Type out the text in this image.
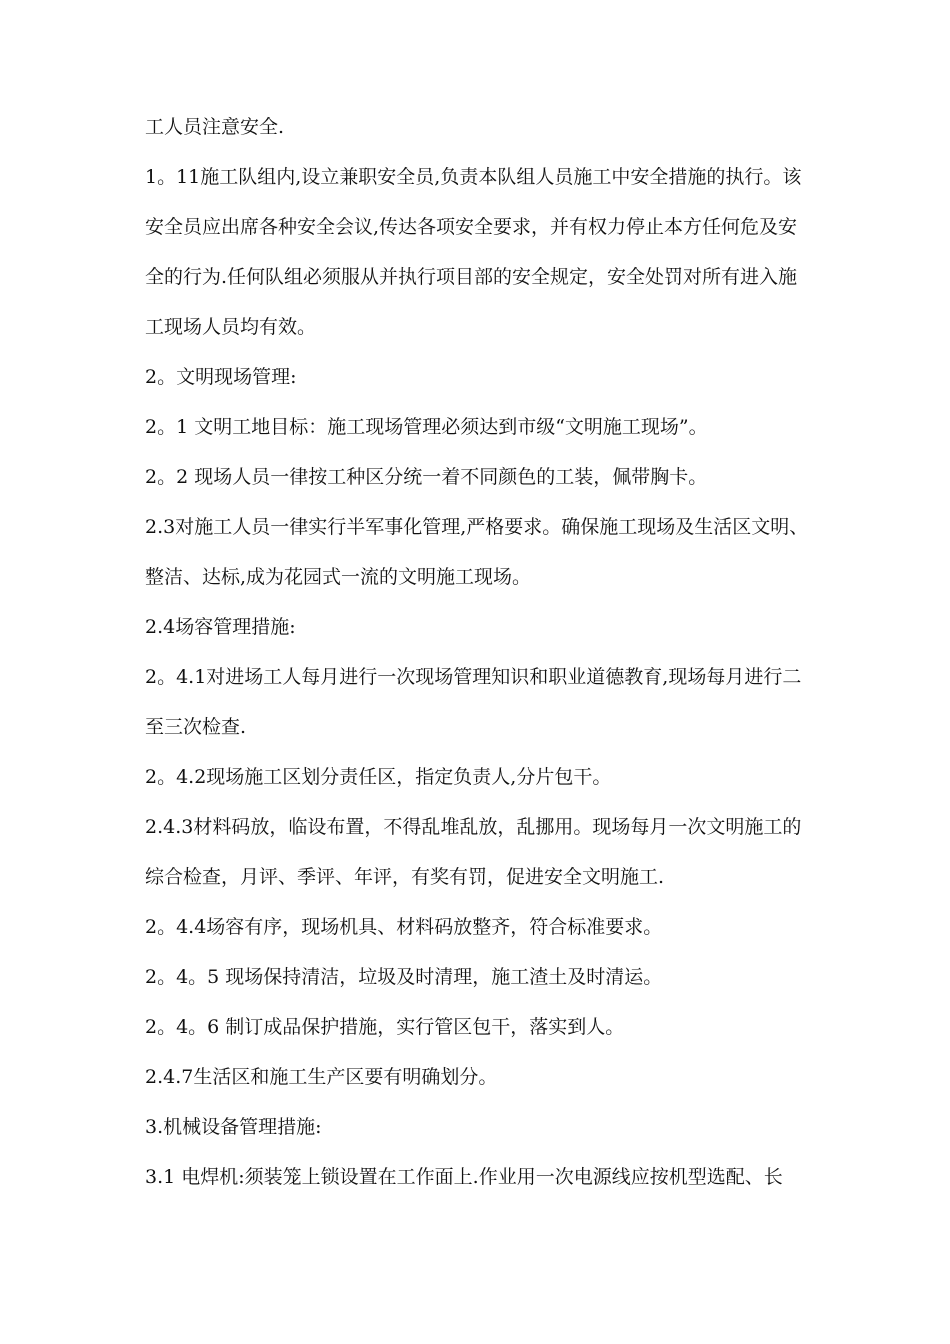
工人员注意安全.
1。11施工队组内,设立兼职安全员,负责本队组人员施工中安全措施的执行。该
安全员应出席各种安全会议,传达各项安全要求，并有权力停止本方任何危及安
全的行为.任何队组必须服从并执行项目部的安全规定，安全处罚对所有进入施
工现场人员均有效。
2。文明现场管理:
2。1 文明工地目标：施工现场管理必须达到市级“文明施工现场”。
2。2 现场人员一律按工种区分统一着不同颜色的工装，佩带胸卡。
2.3对施工人员一律实行半军事化管理,严格要求。确保施工现场及生活区文明、
整洁、达标,成为花园式一流的文明施工现场。
2.4场容管理措施:
2。4.1对进场工人每月进行一次现场管理知识和职业道德教育,现场每月进行二
至三次检查.
2。4.2现场施工区划分责任区，指定负责人,分片包干。
2.4.3材料码放，临设布置，不得乱堆乱放，乱挪用。现场每月一次文明施工的
综合检查，月评、季评、年评，有奖有罚，促进安全文明施工.
2。4.4场容有序，现场机具、材料码放整齐，符合标准要求。
2。4。5 现场保持清洁，垃圾及时清理，施工渣土及时清运。
2。4。6 制订成品保护措施，实行管区包干，落实到人。
2.4.7生活区和施工生产区要有明确划分。
3.机械设备管理措施:
3.1 电焊机:须装笼上锁设置在工作面上.作业用一次电源线应按机型选配、长
